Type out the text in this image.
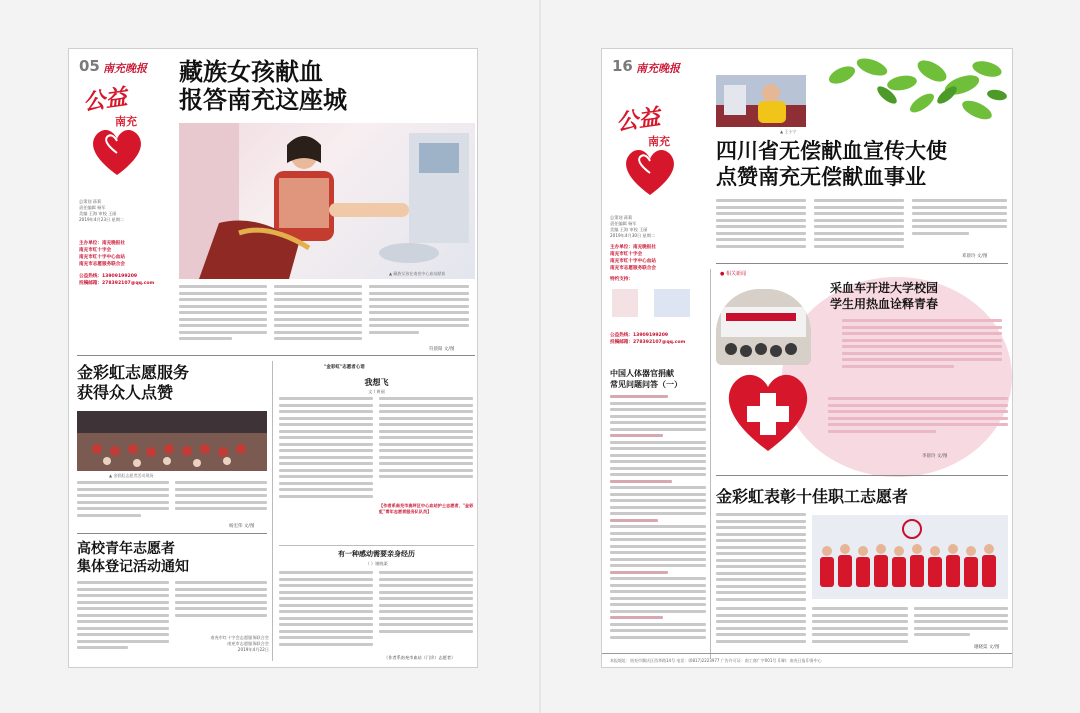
05 南充晚报
公益
南充
藏族女孩献血
报答南充这座城
总策划 蒋莉
责任编辑 杨军
美编 王海 审校 王丽
2019年4月23日 星期二
主办单位：南充晚报社
南充市红十字会
南充市红十字中心血站
南充市志愿服务联合会
公益热线：13909199209
投稿邮箱：278392107@qq.com
▲ 藏族女孩在南充中心血站献血
符晨阳 文/图
金彩虹志愿服务
获得众人点赞
▲ 金彩虹志愿者活动现场
杨宏伟 文/图
高校青年志愿者
集体登记活动通知
南充市红十字会志愿服务联合会
南充市志愿服务联合会
2019年4月22日
"金彩虹"志愿者心语
我想飞
文 / 黄丽
【作者系南充市高坪区中心血站护士志愿者，"金彩虹"青年志愿者服务队队员】
有一种感动需要亲身经历
（ ）谢晓渠
（作者系南充市血站（门诊）志愿者）
16 南充晚报
公益
南充
▲ 王小宁
四川省无偿献血宣传大使
点赞南充无偿献血事业
总策划 蒋莉
责任编辑 杨军
美编 王海 审校 王丽
2019年4月30日 星期二
主办单位：南充晚报社
南充市红十字会
南充市红十字中心血站
南充市志愿服务联合会
特约支持：
公益热线：13909199209
投稿邮箱：278392107@qq.com
邓晨玲 文/图
中国人体器官捐献
常见问题问答（一）
● 相关新闻
采血车开进大学校园
学生用热血诠释青春
李晨玲 文/图
金彩虹表彰十佳职工志愿者
谢晓渠 文/图
本报地址：南充市顺庆区西华路14号 电话：(0817)2223977 广告许可证：南工商广字001号 印刷：南充日报印务中心
